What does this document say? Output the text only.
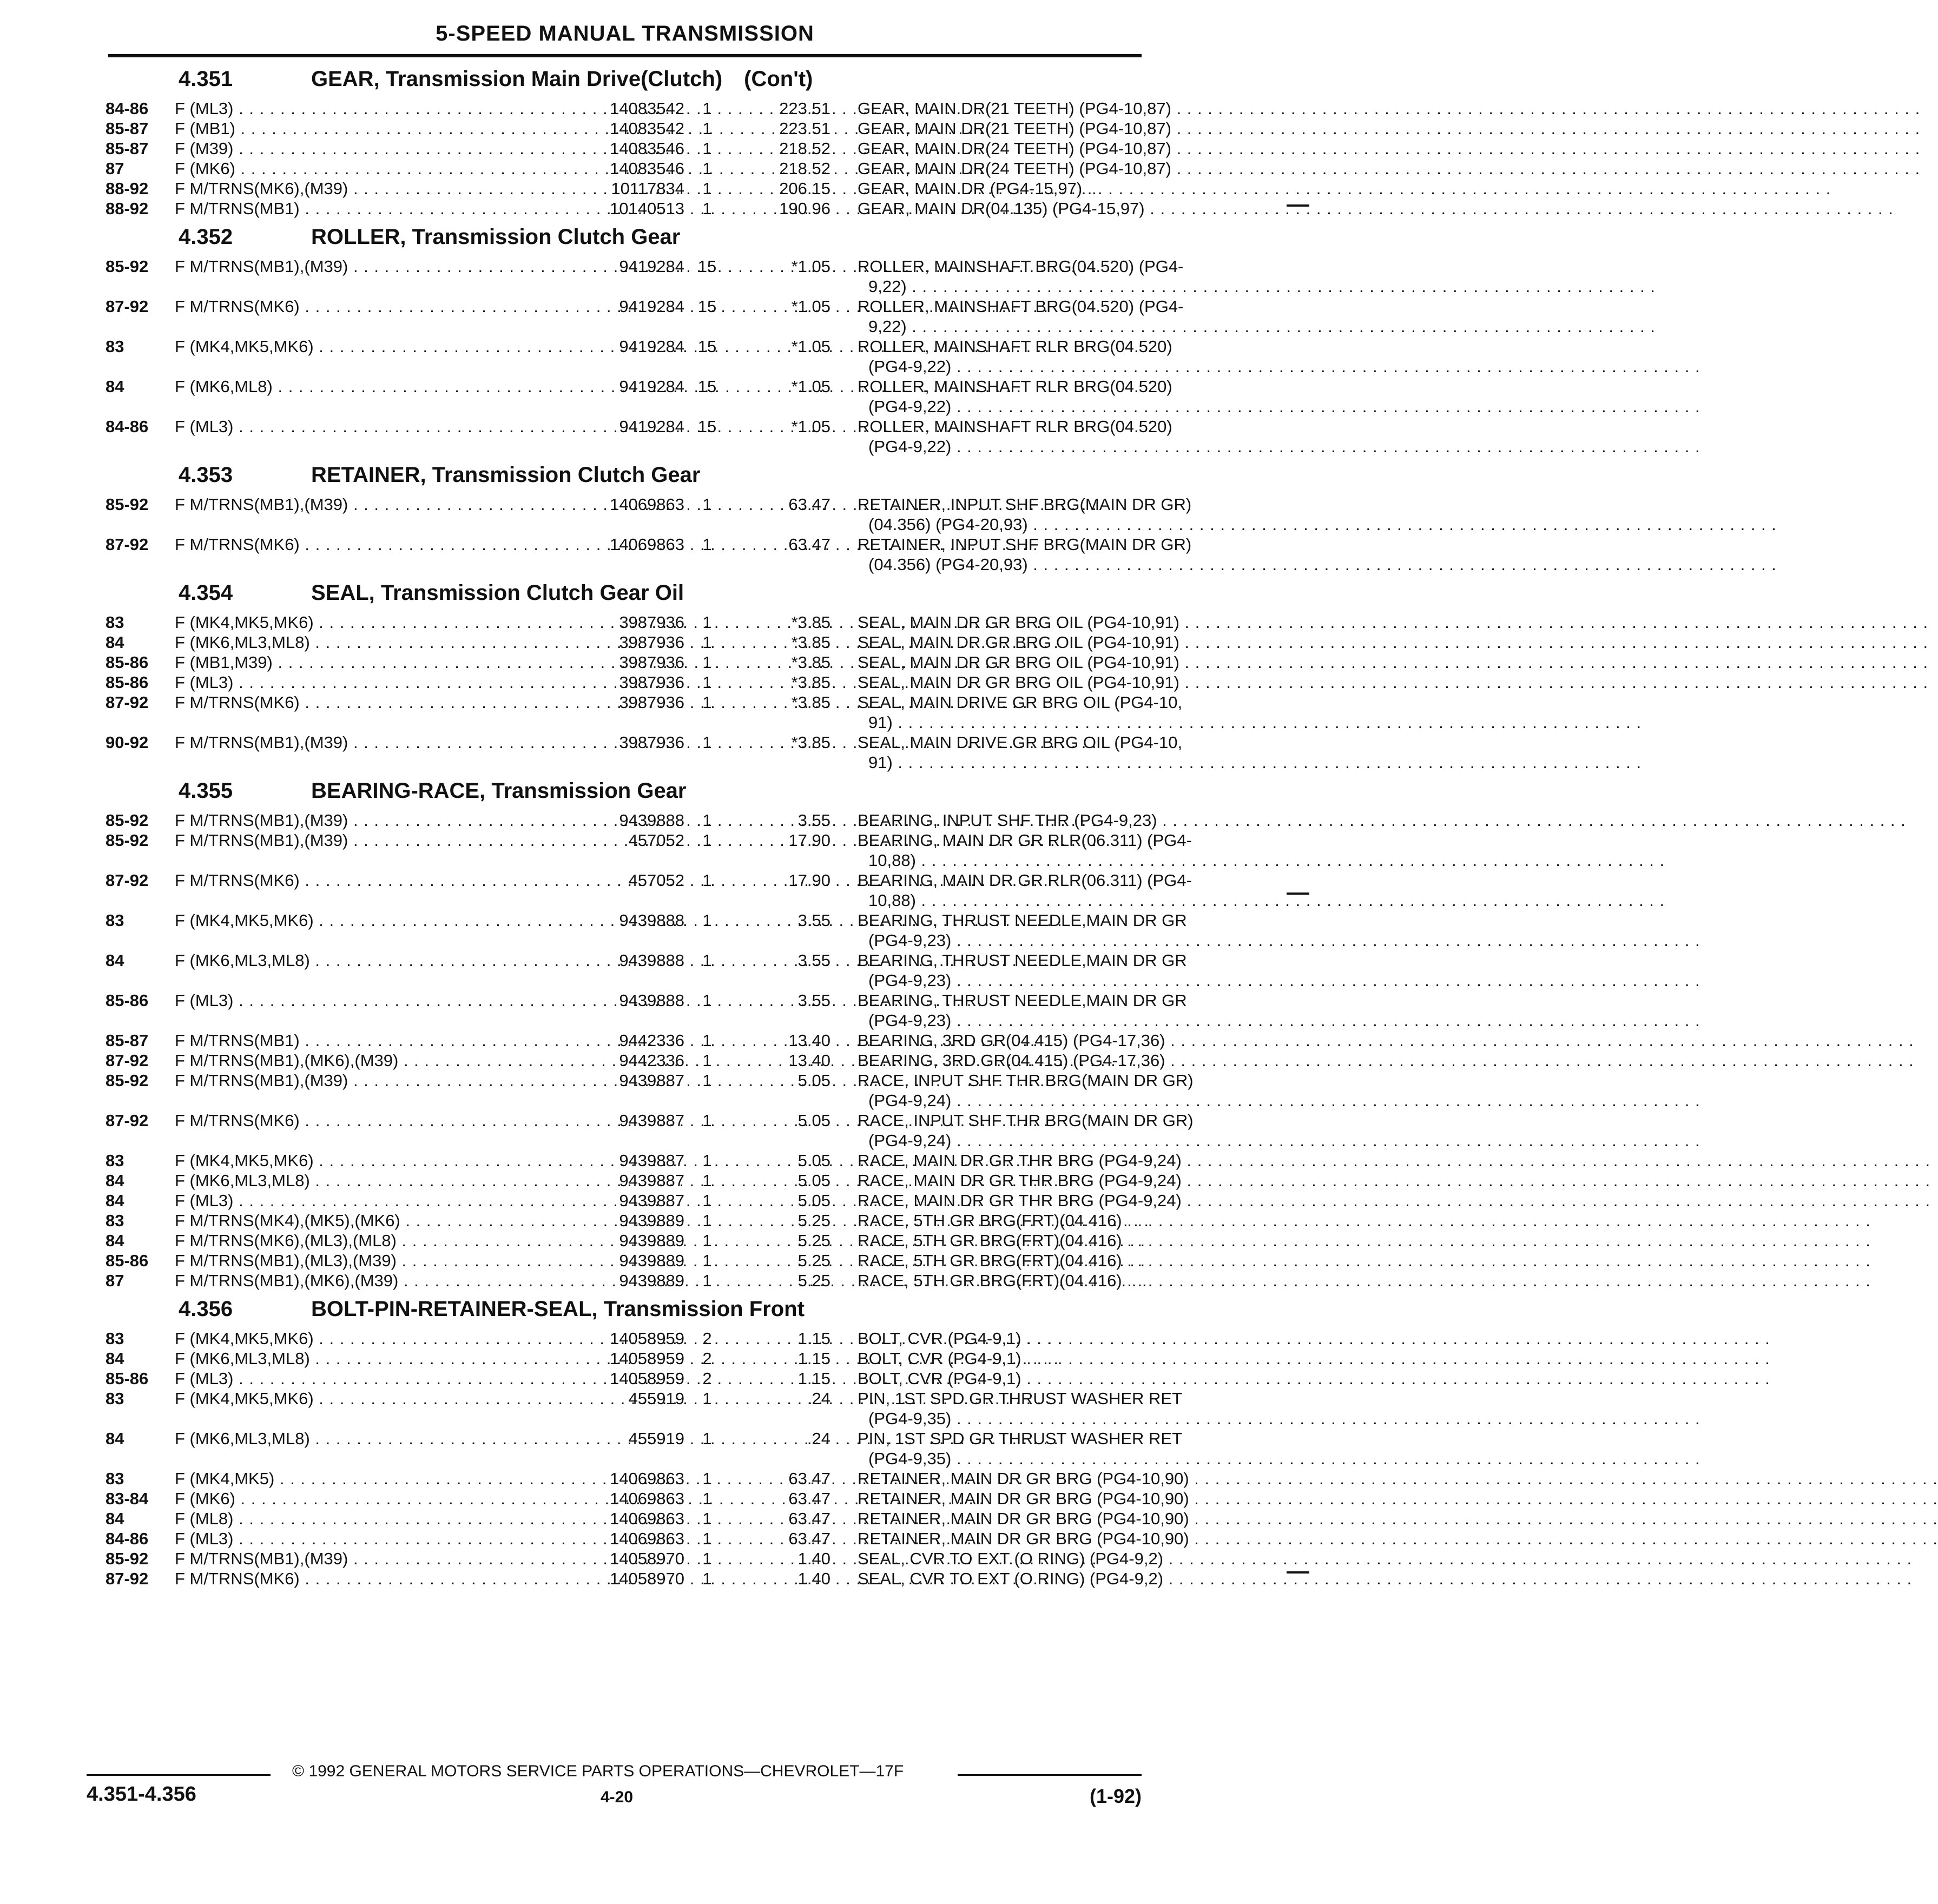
5-SPEED MANUAL TRANSMISSION
4.351	GEAR, Transmission Main Drive(Clutch) (Con't)
84-86	F (ML3) . . .	14083542	1	223.51 GEAR, MAIN DR(21 TEETH) (PG4-10,87) . . .
85-87	F (MB1) . . .	14083542	1	223.51 GEAR, MAIN DR(21 TEETH) (PG4-10,87) . . .
85-87	F (M39) . . .	14083546	1	218.52 GEAR, MAIN DR(24 TEETH) (PG4-10,87) . . .
87	F (MK6) . . .	14083546	1	218.52 GEAR, MAIN DR(24 TEETH) (PG4-10,87) . . .
88-92	F M/TRNS(MK6),(M39) . . .	10117834	1	206.15 GEAR, MAIN DR (PG4-15,97) . . .
88-92	F M/TRNS(MB1) . . .	10140513	1	190.96 GEAR, MAIN DR(04.135) (PG4-15,97) . . .
4.352	ROLLER, Transmission Clutch Gear
85-92	F M/TRNS(MB1),(M39) . . .	9419284 15	*1.05 ROLLER, MAINSHAFT BRG(04.520) (PG4-
9,22) . . .
87-92	F M/TRNS(MK6) . . .	9419284 15	*1.05 ROLLER, MAINSHAFT BRG(04.520) (PG4-
9,22) . . .
83	F (MK4,MK5,MK6) . . .	9419284 15	*1.05 ROLLER, MAINSHAFT RLR BRG(04.520)
(PG4-9,22) . . .
84	F (MK6,ML8) . . .	9419284 15	*1.05 ROLLER, MAINSHAFT RLR BRG(04.520)
(PG4-9,22) . . .
84-86	F (ML3) . . .	9419284 15	*1.05 ROLLER, MAINSHAFT RLR BRG(04.520)
(PG4-9,22) . . .
4.353	RETAINER, Transmission Clutch Gear
85-92	F M/TRNS(MB1),(M39) . . .	14069863	1	63.47 RETAINER, INPUT SHF BRG(MAIN DR GR)
(04.356) (PG4-20,93) . . .
87-92	F M/TRNS(MK6) . . .	14069863	1	63.47 RETAINER, INPUT SHF BRG(MAIN DR GR)
(04.356) (PG4-20,93) . . .
4.354	SEAL, Transmission Clutch Gear Oil
83	F (MK4,MK5,MK6) . . .	3987936	1	*3.85 SEAL, MAIN DR GR BRG OIL (PG4-10,91) . . .
84	F (MK6,ML3,ML8) . . .	3987936	1	*3.85 SEAL, MAIN DR GR BRG OIL (PG4-10,91) . . .
85-86	F (MB1,M39) . . .	3987936	1	*3.85 SEAL, MAIN DR GR BRG OIL (PG4-10,91) . . .
85-86	F (ML3) . . .	3987936	1	*3.85 SEAL, MAIN DR GR BRG OIL (PG4-10,91) . . .
87-92	F M/TRNS(MK6) . . .	3987936	1	*3.85 SEAL, MAIN DRIVE GR BRG OIL (PG4-10,
91) . . .
90-92	F M/TRNS(MB1),(M39) . . .	3987936	1	*3.85 SEAL, MAIN DRIVE GR BRG OIL (PG4-10,
91) . . .
4.355	BEARING-RACE, Transmission Gear
85-92	F M/TRNS(MB1),(M39) . . .	9439888	1	3.55 BEARING, INPUT SHF THR (PG4-9,23) . . .
85-92	F M/TRNS(MB1),(M39) . . .	457052	1	17.90 BEARING, MAIN DR GR RLR(06.311) (PG4-
10,88) . . .
87-92	F M/TRNS(MK6) . . .	457052	1	17.90 BEARING, MAIN DR GR RLR(06.311) (PG4-
10,88) . . .
83	F (MK4,MK5,MK6) . . .	9439888	1	3.55 BEARING, THRUST NEEDLE,MAIN DR GR
(PG4-9,23) . . .
84	F (MK6,ML3,ML8) . . .	9439888	1	3.55 BEARING, THRUST NEEDLE,MAIN DR GR
(PG4-9,23) . . .
85-86	F (ML3) . . .	9439888	1	3.55 BEARING, THRUST NEEDLE,MAIN DR GR
(PG4-9,23) . . .
85-87	F M/TRNS(MB1) . . .	9442336	1	13.40 BEARING, 3RD GR(04.415) (PG4-17,36) . . .
87-92	F M/TRNS(MB1),(MK6),(M39) . . .	9442336	1	13.40 BEARING, 3RD GR(04.415) (PG4-17,36) . . .
85-92	F M/TRNS(MB1),(M39) . . .	9439887	1	5.05 RACE, INPUT SHF THR BRG(MAIN DR GR)
(PG4-9,24) . . .
87-92	F M/TRNS(MK6) . . .	9439887	1	5.05 RACE, INPUT SHF THR BRG(MAIN DR GR)
(PG4-9,24) . . .
83	F (MK4,MK5,MK6) . . .	9439887	1	5.05 RACE, MAIN DR GR THR BRG (PG4-9,24) . . .
84	F (MK6,ML3,ML8) . . .	9439887	1	5.05 RACE, MAIN DR GR THR BRG (PG4-9,24) . . .
84	F (ML3) . . .	9439887	1	5.05 RACE, MAIN DR GR THR BRG (PG4-9,24) . . .
83	F M/TRNS(MK4),(MK5),(MK6) . . .	9439889	1	5.25 RACE, 5TH GR BRG(FRT)(04.416) . . .
84	F M/TRNS(MK6),(ML3),(ML8) . . .	9439889	1	5.25 RACE, 5TH GR BRG(FRT)(04.416) . . .
85-86	F M/TRNS(MB1),(ML3),(M39) . . .	9439889	1	5.25 RACE, 5TH GR BRG(FRT)(04.416) . . .
87	F M/TRNS(MB1),(MK6),(M39) . . .	9439889	1	5.25 RACE, 5TH GR BRG(FRT)(04.416) . . .
4.356	BOLT-PIN-RETAINER-SEAL, Transmission Front
83	F (MK4,MK5,MK6) . . .	14058959	2	1.15 BOLT, CVR (PG4-9,1) . . .
84	F (MK6,ML3,ML8) . . .	14058959	2	1.15 BOLT, CVR (PG4-9,1) . . .
85-86	F (ML3) . . .	14058959	2	1.15 BOLT, CVR (PG4-9,1) . . .
83	F (MK4,MK5,MK6) . . .	455919	1	.24 PIN, 1ST SPD GR THRUST WASHER RET
(PG4-9,35) . . .
84	F (MK6,ML3,ML8) . . .	455919	1	.24 PIN, 1ST SPD GR THRUST WASHER RET
(PG4-9,35) . . .
83	F (MK4,MK5) . . .	14069863	1	63.47 RETAINER, MAIN DR GR BRG (PG4-10,90) . . .
83-84	F (MK6) . . .	14069863	1	63.47 RETAINER, MAIN DR GR BRG (PG4-10,90) . . .
84	F (ML8) . . .	14069863	1	63.47 RETAINER, MAIN DR GR BRG (PG4-10,90) . . .
84-86	F (ML3) . . .	14069863	1	63.47 RETAINER, MAIN DR GR BRG (PG4-10,90) . . .
85-92	F M/TRNS(MB1),(M39) . . .	14058970	1	1.40 SEAL, CVR TO EXT (O RING) (PG4-9,2) . . .
87-92	F M/TRNS(MK6) . . .	14058970	1	1.40 SEAL, CVR TO EXT (O RING) (PG4-9,2) . . .
© 1992 GENERAL MOTORS SERVICE PARTS OPERATIONS—CHEVROLET—17F
4.351-4.356	4-20	(1-92)
